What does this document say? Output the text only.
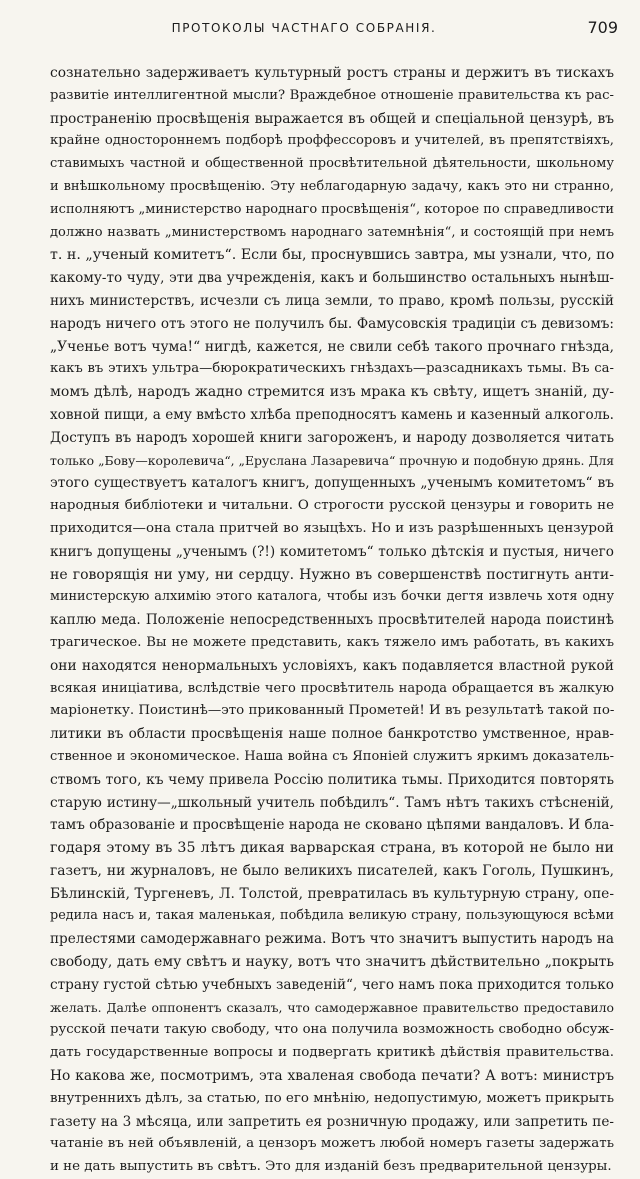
ПРОТОКОЛЫ ЧАСТНАГО СОБРАНІЯ.	709
сознательно задерживаетъ культурный ростъ страны и держитъ въ тискахъ
развитіе интеллигентной мысли? Враждебное отношеніе правительства къ рас-
пространенію просвѣщенія выражается въ общей и спеціальной цензурѣ, въ
крайне одностороннемъ подборѣ проффессоровъ и учителей, въ препятствіяхъ,
ставимыхъ частной и общественной просвѣтительной дѣятельности, школьному
и внѣшкольному просвѣщенію. Эту неблагодарную задачу, какъ это ни странно,
исполняютъ „министерство народнаго просвѣщенія“, которое по справедливости
должно назвать „министерствомъ народнаго затемнѣнія“, и состоящій при немъ
т. н. „ученый комитетъ“. Если бы, проснувшись завтра, мы узнали, что, по
какому-то чуду, эти два учрежденія, какъ и большинство остальныхъ нынѣш-
нихъ министерствъ, исчезли съ лица земли, то право, кромѣ пользы, русскій
народъ ничего отъ этого не получилъ бы. Фамусовскія традиціи съ девизомъ:
„Ученье вотъ чума!“ нигдѣ, кажется, не свили себѣ такого прочнаго гнѣзда,
какъ въ этихъ ультра—бюрократическихъ гнѣздахъ—разсадникахъ тьмы. Въ са-
момъ дѣлѣ, народъ жадно стремится изъ мрака къ свѣту, ищетъ знаній, ду-
ховной пищи, а ему вмѣсто хлѣба преподносятъ камень и казенный алкоголь.
Доступъ въ народъ хорошей книги загороженъ, и народу дозволяется читать
только „Бову—королевича“, „Еруслана Лазаревича“ прочную и подобную дрянь. Для
этого существуетъ каталогъ книгъ, допущенныхъ „ученымъ комитетомъ“ въ
народныя библіотеки и читальни. О строгости русской цензуры и говорить не
приходится—она стала притчей во языцѣхъ. Но и изъ разрѣшенныхъ цензурой
книгъ допущены „ученымъ (?!) комитетомъ“ только дѣтскія и пустыя, ничего
не говорящія ни уму, ни сердцу. Нужно въ совершенствѣ постигнуть анти-
министерскую алхимію этого каталога, чтобы изъ бочки дегтя извлечь хотя одну
каплю меда. Положеніе непосредственныхъ просвѣтителей народа поистинѣ
трагическое. Вы не можете представить, какъ тяжело имъ работать, въ какихъ
они находятся ненормальныхъ условіяхъ, какъ подавляется властной рукой
всякая иниціатива, вслѣдствіе чего просвѣтитель народа обращается въ жалкую
маріонетку. Поистинѣ—это прикованный Прометей! И въ результатѣ такой по-
литики въ области просвѣщенія наше полное банкротство умственное, нрав-
ственное и экономическое. Наша война съ Японіей служитъ яркимъ доказатель-
ствомъ того, къ чему привела Россію политика тьмы. Приходится повторять
старую истину—„школьный учитель побѣдилъ“. Тамъ нѣтъ такихъ стѣсненій,
тамъ образованіе и просвѣщеніе народа не сковано цѣпями вандаловъ. И бла-
годаря этому въ 35 лѣтъ дикая варварская страна, въ которой не было ни
газетъ, ни журналовъ, не было великихъ писателей, какъ Гоголь, Пушкинъ,
Бѣлинскій, Тургеневъ, Л. Толстой, превратилась въ культурную страну, опе-
редила насъ и, такая маленькая, побѣдила великую страну, пользующуюся всѣми
прелестями самодержавнаго режима. Вотъ что значитъ выпустить народъ на
свободу, дать ему свѣтъ и науку, вотъ что значитъ дѣйствительно „покрыть
страну густой сѣтью учебныхъ заведеній“, чего намъ пока приходится только
желать. Далѣе оппонентъ сказалъ, что самодержавное правительство предоставило
русской печати такую свободу, что она получила возможность свободно обсуж-
дать государственные вопросы и подвергать критикѣ дѣйствія правительства.
Но какова же, посмотримъ, эта хваленая свобода печати? А вотъ: министръ
внутреннихъ дѣлъ, за статью, по его мнѣнію, недопустимую, можетъ прикрыть
газету на 3 мѣсяца, или запретить ея розничную продажу, или запретить пе-
чатаніе въ ней объявленій, а цензоръ можетъ любой номеръ газеты задержать
и не дать выпустить въ свѣтъ. Это для изданій безъ предварительной цензуры.
